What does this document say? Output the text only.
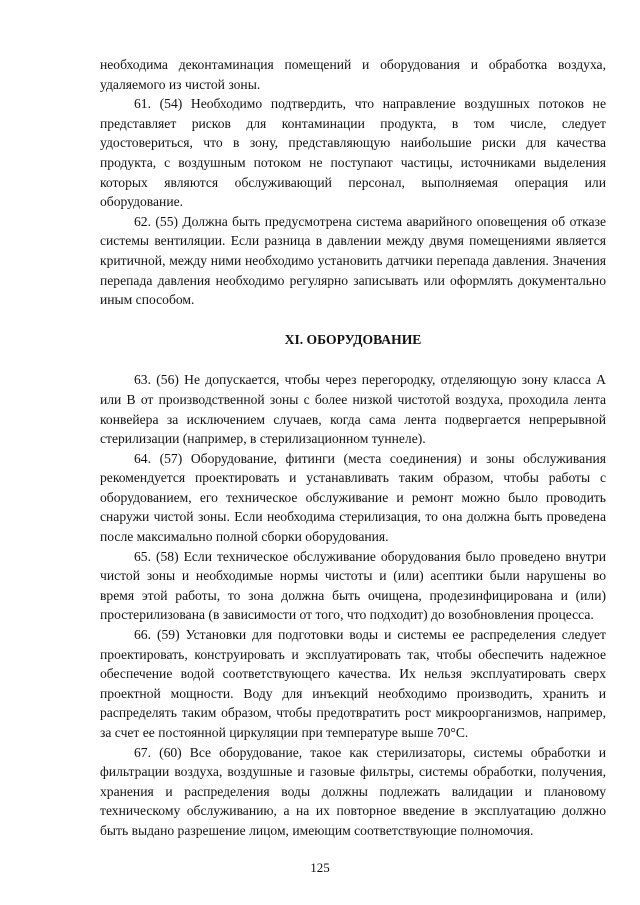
необходима деконтаминация помещений и оборудования и обработка воздуха, удаляемого из чистой зоны.

61. (54) Необходимо подтвердить, что направление воздушных потоков не представляет рисков для контаминации продукта, в том числе, следует удостовериться, что в зону, представляющую наибольшие риски для качества продукта, с воздушным потоком не поступают частицы, источниками выделения которых являются обслуживающий персонал, выполняемая операция или оборудование.

62. (55) Должна быть предусмотрена система аварийного оповещения об отказе системы вентиляции. Если разница в давлении между двумя помещениями является критичной, между ними необходимо установить датчики перепада давления. Значения перепада давления необходимо регулярно записывать или оформлять документально иным способом.

XI. ОБОРУДОВАНИЕ

63. (56) Не допускается, чтобы через перегородку, отделяющую зону класса A или B от производственной зоны с более низкой чистотой воздуха, проходила лента конвейера за исключением случаев, когда сама лента подвергается непрерывной стерилизации (например, в стерилизационном туннеле).

64. (57) Оборудование, фитинги (места соединения) и зоны обслуживания рекомендуется проектировать и устанавливать таким образом, чтобы работы с оборудованием, его техническое обслуживание и ремонт можно было проводить снаружи чистой зоны. Если необходима стерилизация, то она должна быть проведена после максимально полной сборки оборудования.

65. (58) Если техническое обслуживание оборудования было проведено внутри чистой зоны и необходимые нормы чистоты и (или) асептики были нарушены во время этой работы, то зона должна быть очищена, продезинфицирована и (или) простерилизована (в зависимости от того, что подходит) до возобновления процесса.

66. (59) Установки для подготовки воды и системы ее распределения следует проектировать, конструировать и эксплуатировать так, чтобы обеспечить надежное обеспечение водой соответствующего качества. Их нельзя эксплуатировать сверх проектной мощности. Воду для инъекций необходимо производить, хранить и распределять таким образом, чтобы предотвратить рост микроорганизмов, например, за счет ее постоянной циркуляции при температуре выше 70°C.

67. (60) Все оборудование, такое как стерилизаторы, системы обработки и фильтрации воздуха, воздушные и газовые фильтры, системы обработки, получения, хранения и распределения воды должны подлежать валидации и плановому техническому обслуживанию, а на их повторное введение в эксплуатацию должно быть выдано разрешение лицом, имеющим соответствующие полномочия.

125
